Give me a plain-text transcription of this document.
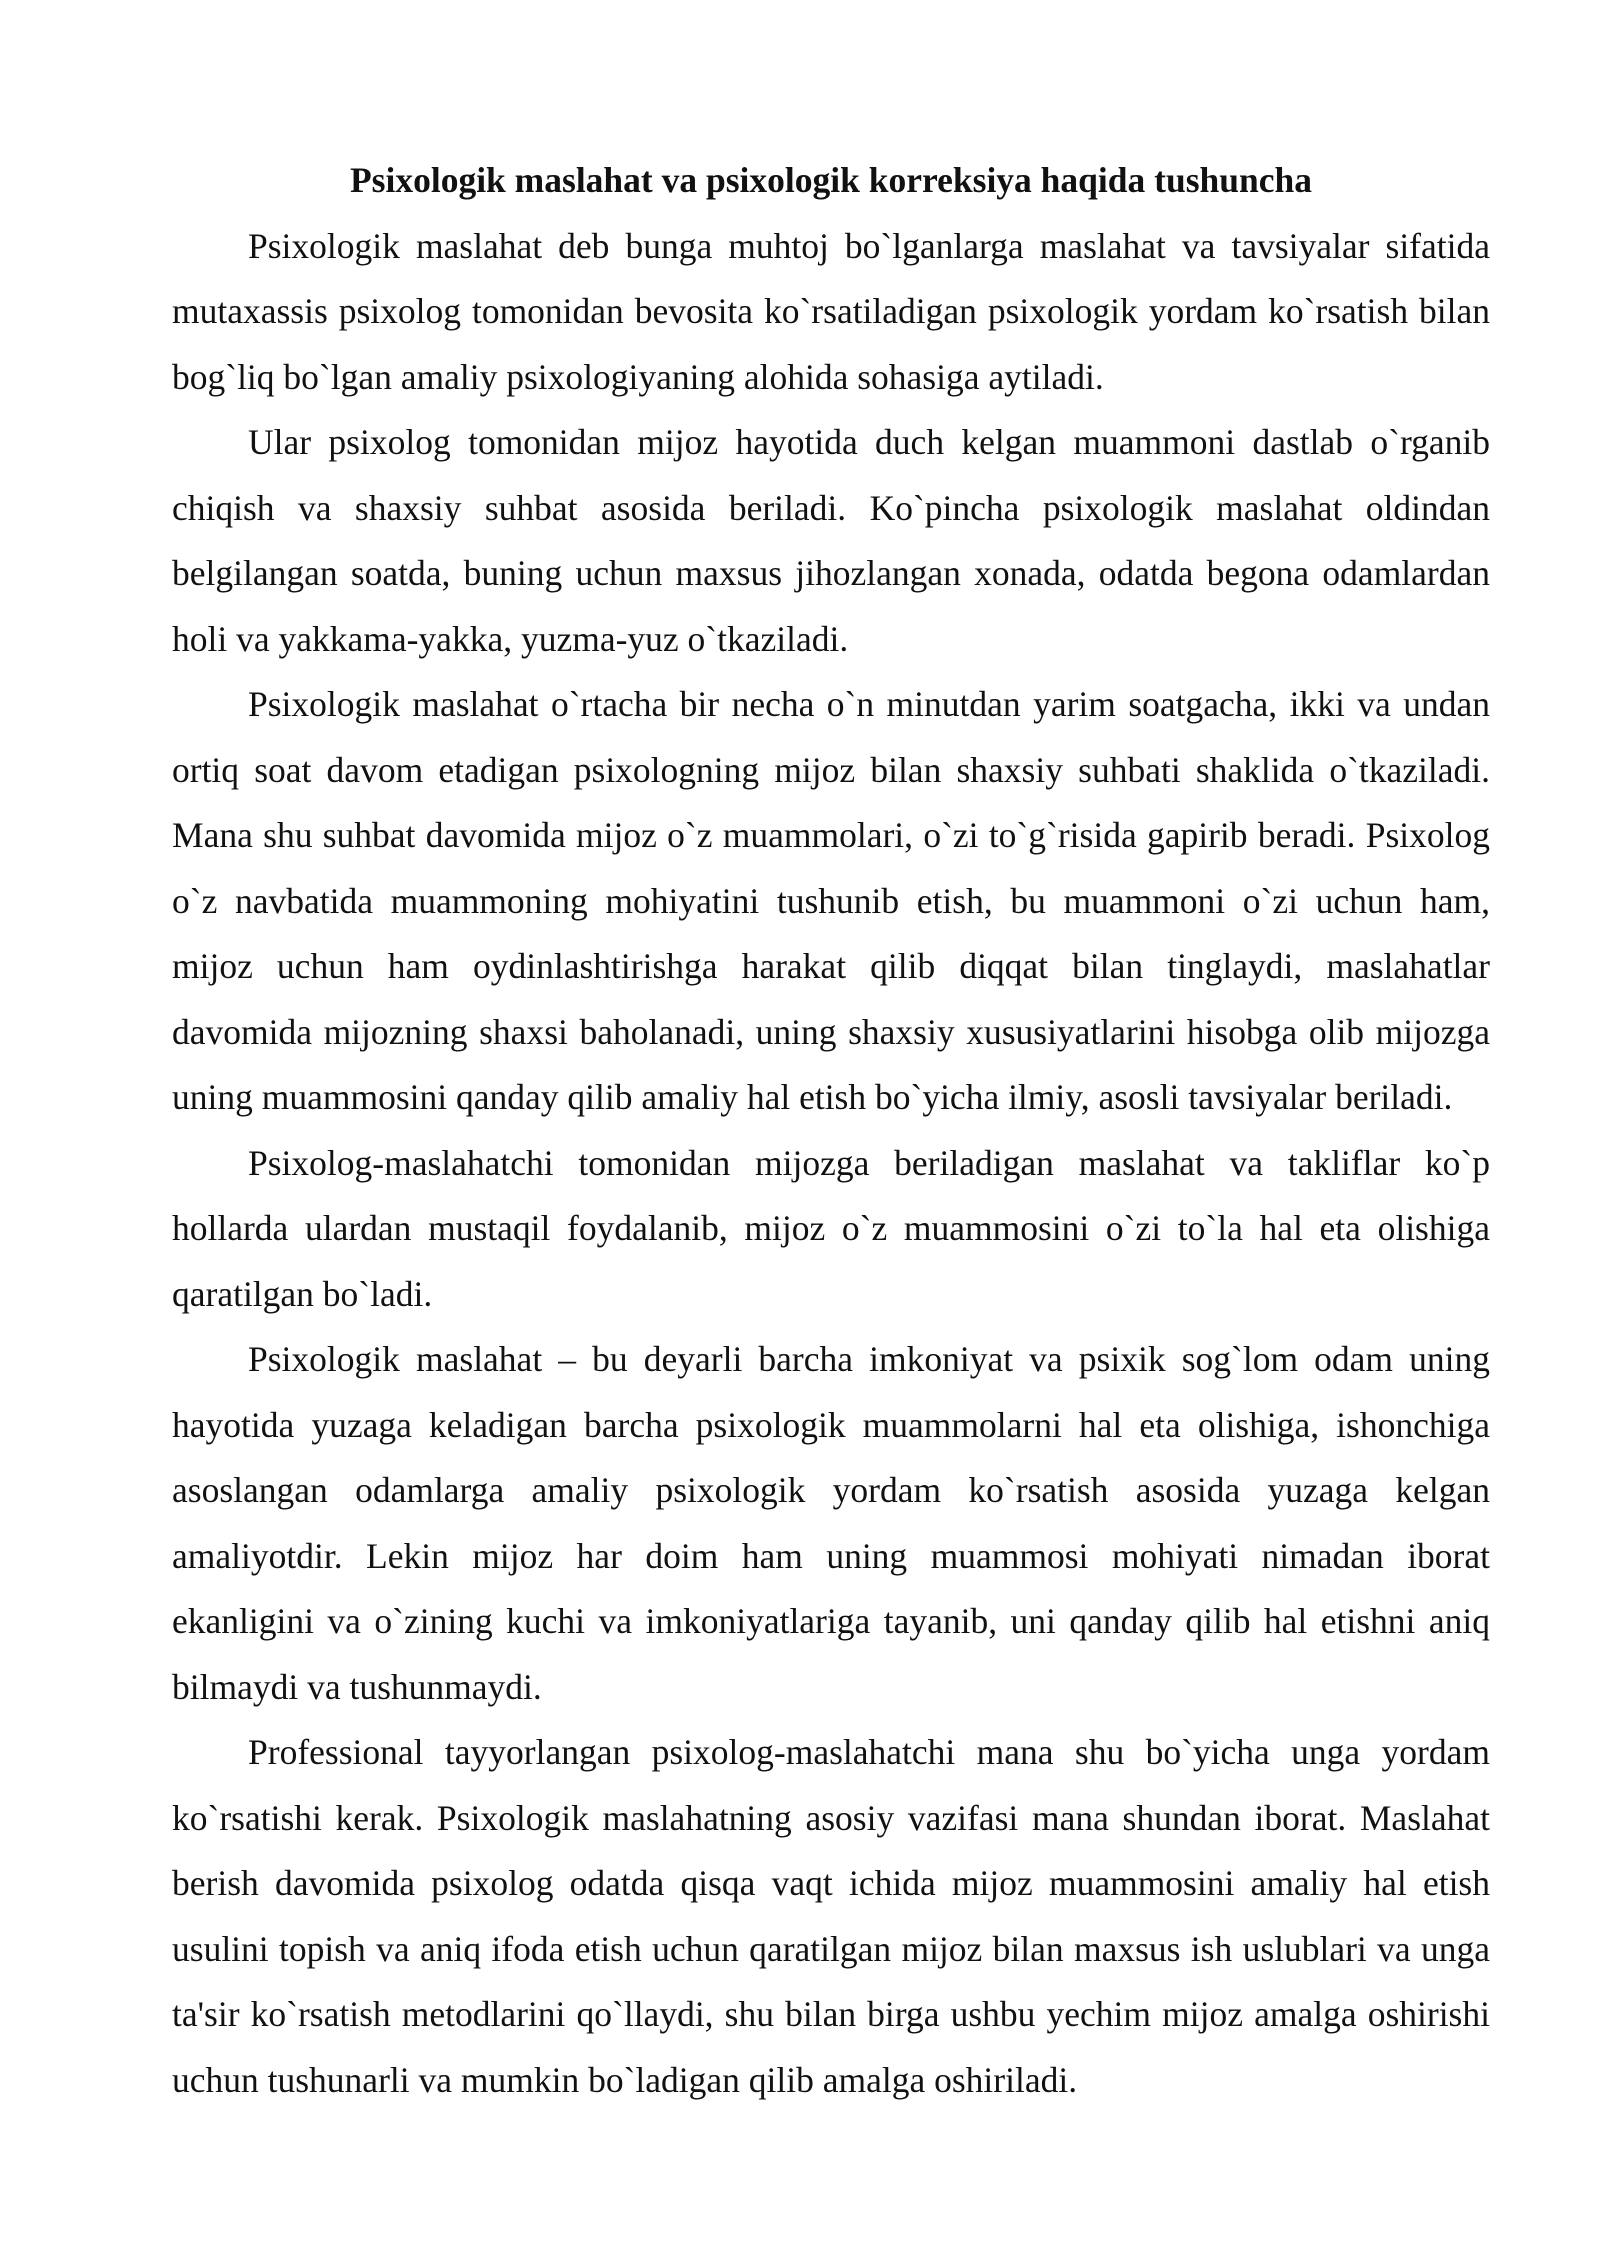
Psixologik maslahat va psixologik korreksiya haqida tushuncha

Psixologik maslahat deb bunga muhtoj bo`lganlarga maslahat va tavsiyalar sifatida mutaxassis psixolog tomonidan bevosita ko`rsatiladigan psixologik yordam ko`rsatish bilan bog`liq bo`lgan amaliy psixologiyaning alohida sohasiga aytiladi.

Ular psixolog tomonidan mijoz hayotida duch kelgan muammoni dastlab o`rganib chiqish va shaxsiy suhbat asosida beriladi. Ko`pincha psixologik maslahat oldindan belgilangan soatda, buning uchun maxsus jihozlangan xonada, odatda begona odamlardan holi va yakkama-yakka, yuzma-yuz o`tkaziladi.

Psixologik maslahat o`rtacha bir necha o`n minutdan yarim soatgacha, ikki va undan ortiq soat davom etadigan psixologning mijoz bilan shaxsiy suhbati shaklida o`tkaziladi. Mana shu suhbat davomida mijoz o`z muammolari, o`zi to`g`risida gapirib beradi. Psixolog o`z navbatida muammoning mohiyatini tushunib etish, bu muammoni o`zi uchun ham, mijoz uchun ham oydinlashtirishga harakat qilib diqqat bilan tinglaydi, maslahatlar davomida mijozning shaxsi baholanadi, uning shaxsiy xususiyatlarini hisobga olib mijozga uning muammosini qanday qilib amaliy hal etish bo`yicha ilmiy, asosli tavsiyalar beriladi.

Psixolog-maslahatchi tomonidan mijozga beriladigan maslahat va takliflar ko`p hollarda ulardan mustaqil foydalanib, mijoz o`z muammosini o`zi to`la hal eta olishiga qaratilgan bo`ladi.

Psixologik maslahat – bu deyarli barcha imkoniyat va psixik sog`lom odam uning hayotida yuzaga keladigan barcha psixologik muammolarni hal eta olishiga, ishonchiga asoslangan odamlarga amaliy psixologik yordam ko`rsatish asosida yuzaga kelgan amaliyotdir. Lekin mijoz har doim ham uning muammosi mohiyati nimadan iborat ekanligini va o`zining kuchi va imkoniyatlariga tayanib, uni qanday qilib hal etishni aniq bilmaydi va tushunmaydi.

Professional tayyorlangan psixolog-maslahatchi mana shu bo`yicha unga yordam ko`rsatishi kerak. Psixologik maslahatning asosiy vazifasi mana shundan iborat. Maslahat berish davomida psixolog odatda qisqa vaqt ichida mijoz muammosini amaliy hal etish usulini topish va aniq ifoda etish uchun qaratilgan mijoz bilan maxsus ish uslublari va unga ta'sir ko`rsatish metodlarini qo`llaydi, shu bilan birga ushbu yechim mijoz amalga oshirishi uchun tushunarli va mumkin bo`ladigan qilib amalga oshiriladi.
